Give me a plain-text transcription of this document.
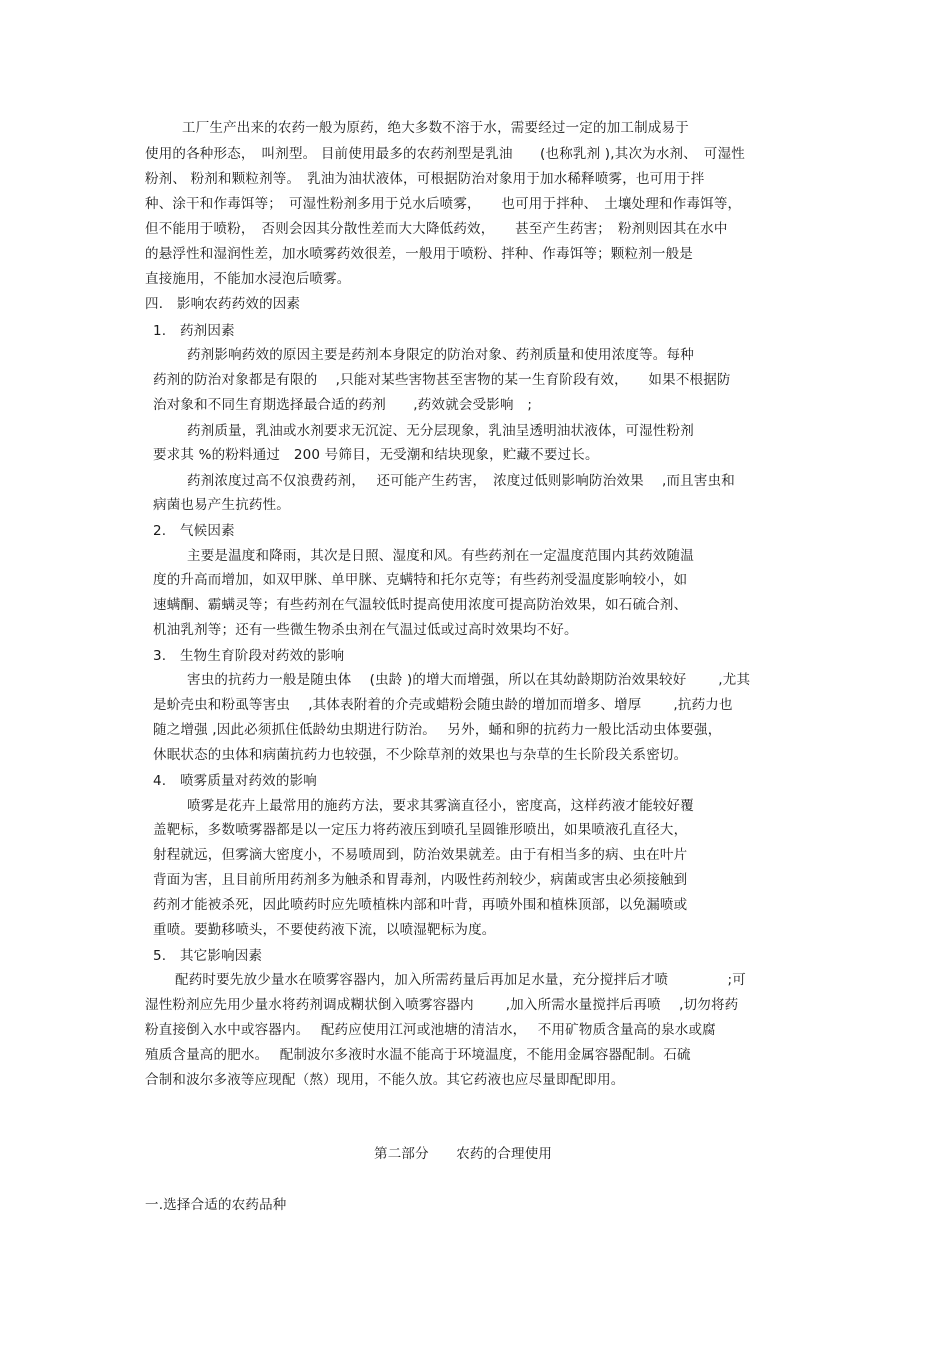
工厂生产出来的农药一般为原药，绝大多数不溶于水，需要经过一定的加工制成易于
使用的各种形态，　叫剂型。 目前使用最多的农药剂型是乳油　　(也称乳剂 ),其次为水剂、　可湿性
粉剂、 粉剂和颗粒剂等。　乳油为油状液体，可根据防治对象用于加水稀释喷雾，也可用于拌
种、涂干和作毒饵等；　可湿性粉剂多用于兑水后喷雾，　　也可用于拌种、　土壤处理和作毒饵等，
但不能用于喷粉，　否则会因其分散性差而大大降低药效，　　甚至产生药害；　粉剂则因其在水中
的悬浮性和湿润性差，加水喷雾药效很差，一般用于喷粉、拌种、作毒饵等；颗粒剂一般是
直接施用，不能加水浸泡后喷雾。
四． 影响农药药效的因素
1.　药剂因素
药剂影响药效的原因主要是药剂本身限定的防治对象、药剂质量和使用浓度等。每种
药剂的防治对象都是有限的　 ,只能对某些害物甚至害物的某一生育阶段有效，　　如果不根据防
治对象和不同生育期选择最合适的药剂　　,药效就会受影响　;
药剂质量，乳油或水剂要求无沉淀、无分层现象，乳油呈透明油状液体，可湿性粉剂
要求其 %的粉料通过　200 号筛目，无受潮和结块现象，贮藏不要过长。
药剂浓度过高不仅浪费药剂，　 还可能产生药害，　浓度过低则影响防治效果　 ,而且害虫和
病菌也易产生抗药性。
2.　气候因素
主要是温度和降雨，其次是日照、湿度和风。有些药剂在一定温度范围内其药效随温
度的升高而增加，如双甲脒、单甲脒、克螨特和托尔克等；有些药剂受温度影响较小，如
速螨酮、霸螨灵等；有些药剂在气温较低时提高使用浓度可提高防治效果，如石硫合剂、
机油乳剂等；还有一些微生物杀虫剂在气温过低或过高时效果均不好。
3.　生物生育阶段对药效的影响
害虫的抗药力一般是随虫体　 (虫龄 )的增大而增强，所以在其幼龄期防治效果较好　　 ,尤其
是蚧壳虫和粉虱等害虫　 ,其体表附着的介壳或蜡粉会随虫龄的增加而增多、增厚　　 ,抗药力也
随之增强 ,因此必须抓住低龄幼虫期进行防治。　 另外，蛹和卵的抗药力一般比活动虫体要强，
休眠状态的虫体和病菌抗药力也较强，不少除草剂的效果也与杂草的生长阶段关系密切。
4.　喷雾质量对药效的影响
喷雾是花卉上最常用的施药方法，要求其雾滴直径小，密度高，这样药液才能较好覆
盖靶标，多数喷雾器都是以一定压力将药液压到喷孔呈圆锥形喷出，如果喷液孔直径大，
射程就远，但雾滴大密度小，不易喷周到，防治效果就差。由于有相当多的病、虫在叶片
背面为害，且目前所用药剂多为触杀和胃毒剂，内吸性药剂较少，病菌或害虫必须接触到
药剂才能被杀死，因此喷药时应先喷植株内部和叶背，再喷外围和植株顶部，以免漏喷或
重喷。要勤移喷头，不要使药液下流，以喷湿靶标为度。
5.　其它影响因素
配药时要先放少量水在喷雾容器内，加入所需药量后再加足水量，充分搅拌后才喷　　　　 ;可
湿性粉剂应先用少量水将药剂调成糊状倒入喷雾容器内　　 ,加入所需水量搅拌后再喷　 ,切勿将药
粉直接倒入水中或容器内。　 配药应使用江河或池塘的清洁水，　 不用矿物质含量高的泉水或腐
殖质含量高的肥水。　 配制波尔多液时水温不能高于环境温度，不能用金属容器配制。石硫
合制和波尔多液等应现配（熬）现用，不能久放。其它药液也应尽量即配即用。
第二部分　　农药的合理使用
一.选择合适的农药品种
